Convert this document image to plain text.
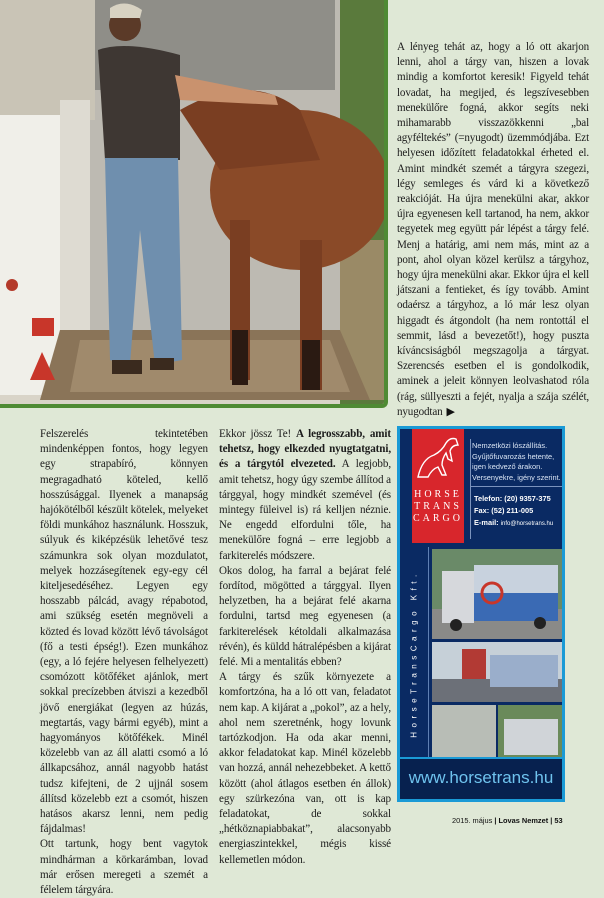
A lényeg tehát az, hogy a ló ott akarjon lenni, ahol a tárgy van, hiszen a lovak mindig a komfortot keresik! Figyeld tehát lovadat, ha megijed, és legszívesebben menekülőre fogná, akkor segíts neki mihamarabb visszazökkenni „bal agyféltekés” (=nyugodt) üzemmódjába. Ezt helyesen időzített feladatokkal érheted el. Amint mindkét szemét a tárgyra szegezi, légy semleges és várd ki a következő reakcióját. Ha újra menekülni akar, akkor újra egyenesen kell tartanod, ha nem, akkor tegyetek meg együtt pár lépést a tárgy felé. Menj a határig, ami nem más, mint az a pont, ahol olyan közel kerülsz a tárgyhoz, hogy újra menekülni akar. Ekkor újra el kell játszani a fentieket, és így tovább. Amint odaérsz a tárgyhoz, a ló már lesz olyan higgadt és átgondolt (ha nem rontottál el semmit, lásd a bevezetőt!), hogy puszta kíváncsiságból megszagolja a tárgyat. Szerencsés esetben el is gondolkodik, aminek a jeleit könnyen leolvashatod róla (rág, süllyeszti a fejét, nyalja a szája szélét, nyugodtan ▶

Felszerelés tekintetében mindenképpen fontos, hogy legyen egy strapabíró, könnyen megragadható köteled, kellő hosszúsággal. Ilyenek a manapság hajókötélből készült kötelek, melyeket földi munkához használunk. Hosszuk, súlyuk és kiképzésük lehetővé tesz számunkra sok olyan mozdulatot, melyek hozzásegítenek egy-egy cél kiteljesedéséhez. Legyen egy hosszabb pálcád, avagy répabotod, ami szükség esetén megnöveli a közted és lovad között lévő távolságot (fő a testi épség!). Ezen munkához (egy, a ló fejére helyesen felhelyezett) csomózott kötőféket ajánlok, mert sokkal precízebben átviszi a kezedből jövő energiákat (legyen az húzás, megtartás, vagy bármi egyéb), mint a hagyományos kötőfékek. Minél közelebb van az áll alatti csomó a ló állkapcsához, annál nagyobb hatást tudsz kifejteni, de 2 ujjnál sosem állítsd közelebb ezt a csomót, hiszen hatásos akarsz lenni, nem pedig fájdalmas!

Ott tartunk, hogy bent vagytok mindhárman a körkarámban, lovad már erősen meregeti a szemét a félelem tárgyára.

Ekkor jössz Te! A legrosszabb, amit tehetsz, hogy elkezded nyugtatgatni, és a tárgytól elvezeted. A legjobb, amit tehetsz, hogy úgy szembe állítod a tárggyal, hogy mindkét szemével (és mintegy füleivel is) rá kelljen néznie. Ne engedd elfordulni tőle, ha menekülőre fogná – erre legjobb a farkiterelés módszere.

Okos dolog, ha farral a bejárat felé fordítod, mögötted a tárggyal. Ilyen helyzetben, ha a bejárat felé akarna fordulni, tartsd meg egyenesen (a farkiterelések kétoldali alkalmazása révén), és küldd hátralépésben a kijárat felé. Mi a mentalitás ebben?

A tárgy és szűk környezete a komfortzóna, ha a ló ott van, feladatot nem kap. A kijárat a „pokol”, az a hely, ahol nem szeretnénk, hogy lovunk tartózkodjon. Ha oda akar menni, akkor feladatokat kap. Minél közelebb van hozzá, annál nehezebbeket. A kettő között (ahol átlagos esetben én állok) egy szürkezóna van, ott is kap feladatokat, de sokkal „hétköznapiabbakat”, alacsonyabb energiaszintekkel, mégis kissé kellemetlen módon.

HORSE
TRANS
CARGO
Nemzetközi lószállítás.
Gyűjtőfuvarozás hetente,
igen kedvező árakon.
Versenyekre, igény szerint.
Telefon: (20) 9357-375
Fax: (52) 211-005
E-mail: info@horsetrans.hu
HorseTransCargo Kft.
www.horsetrans.hu
2015. május | Lovas Nemzet | 53
